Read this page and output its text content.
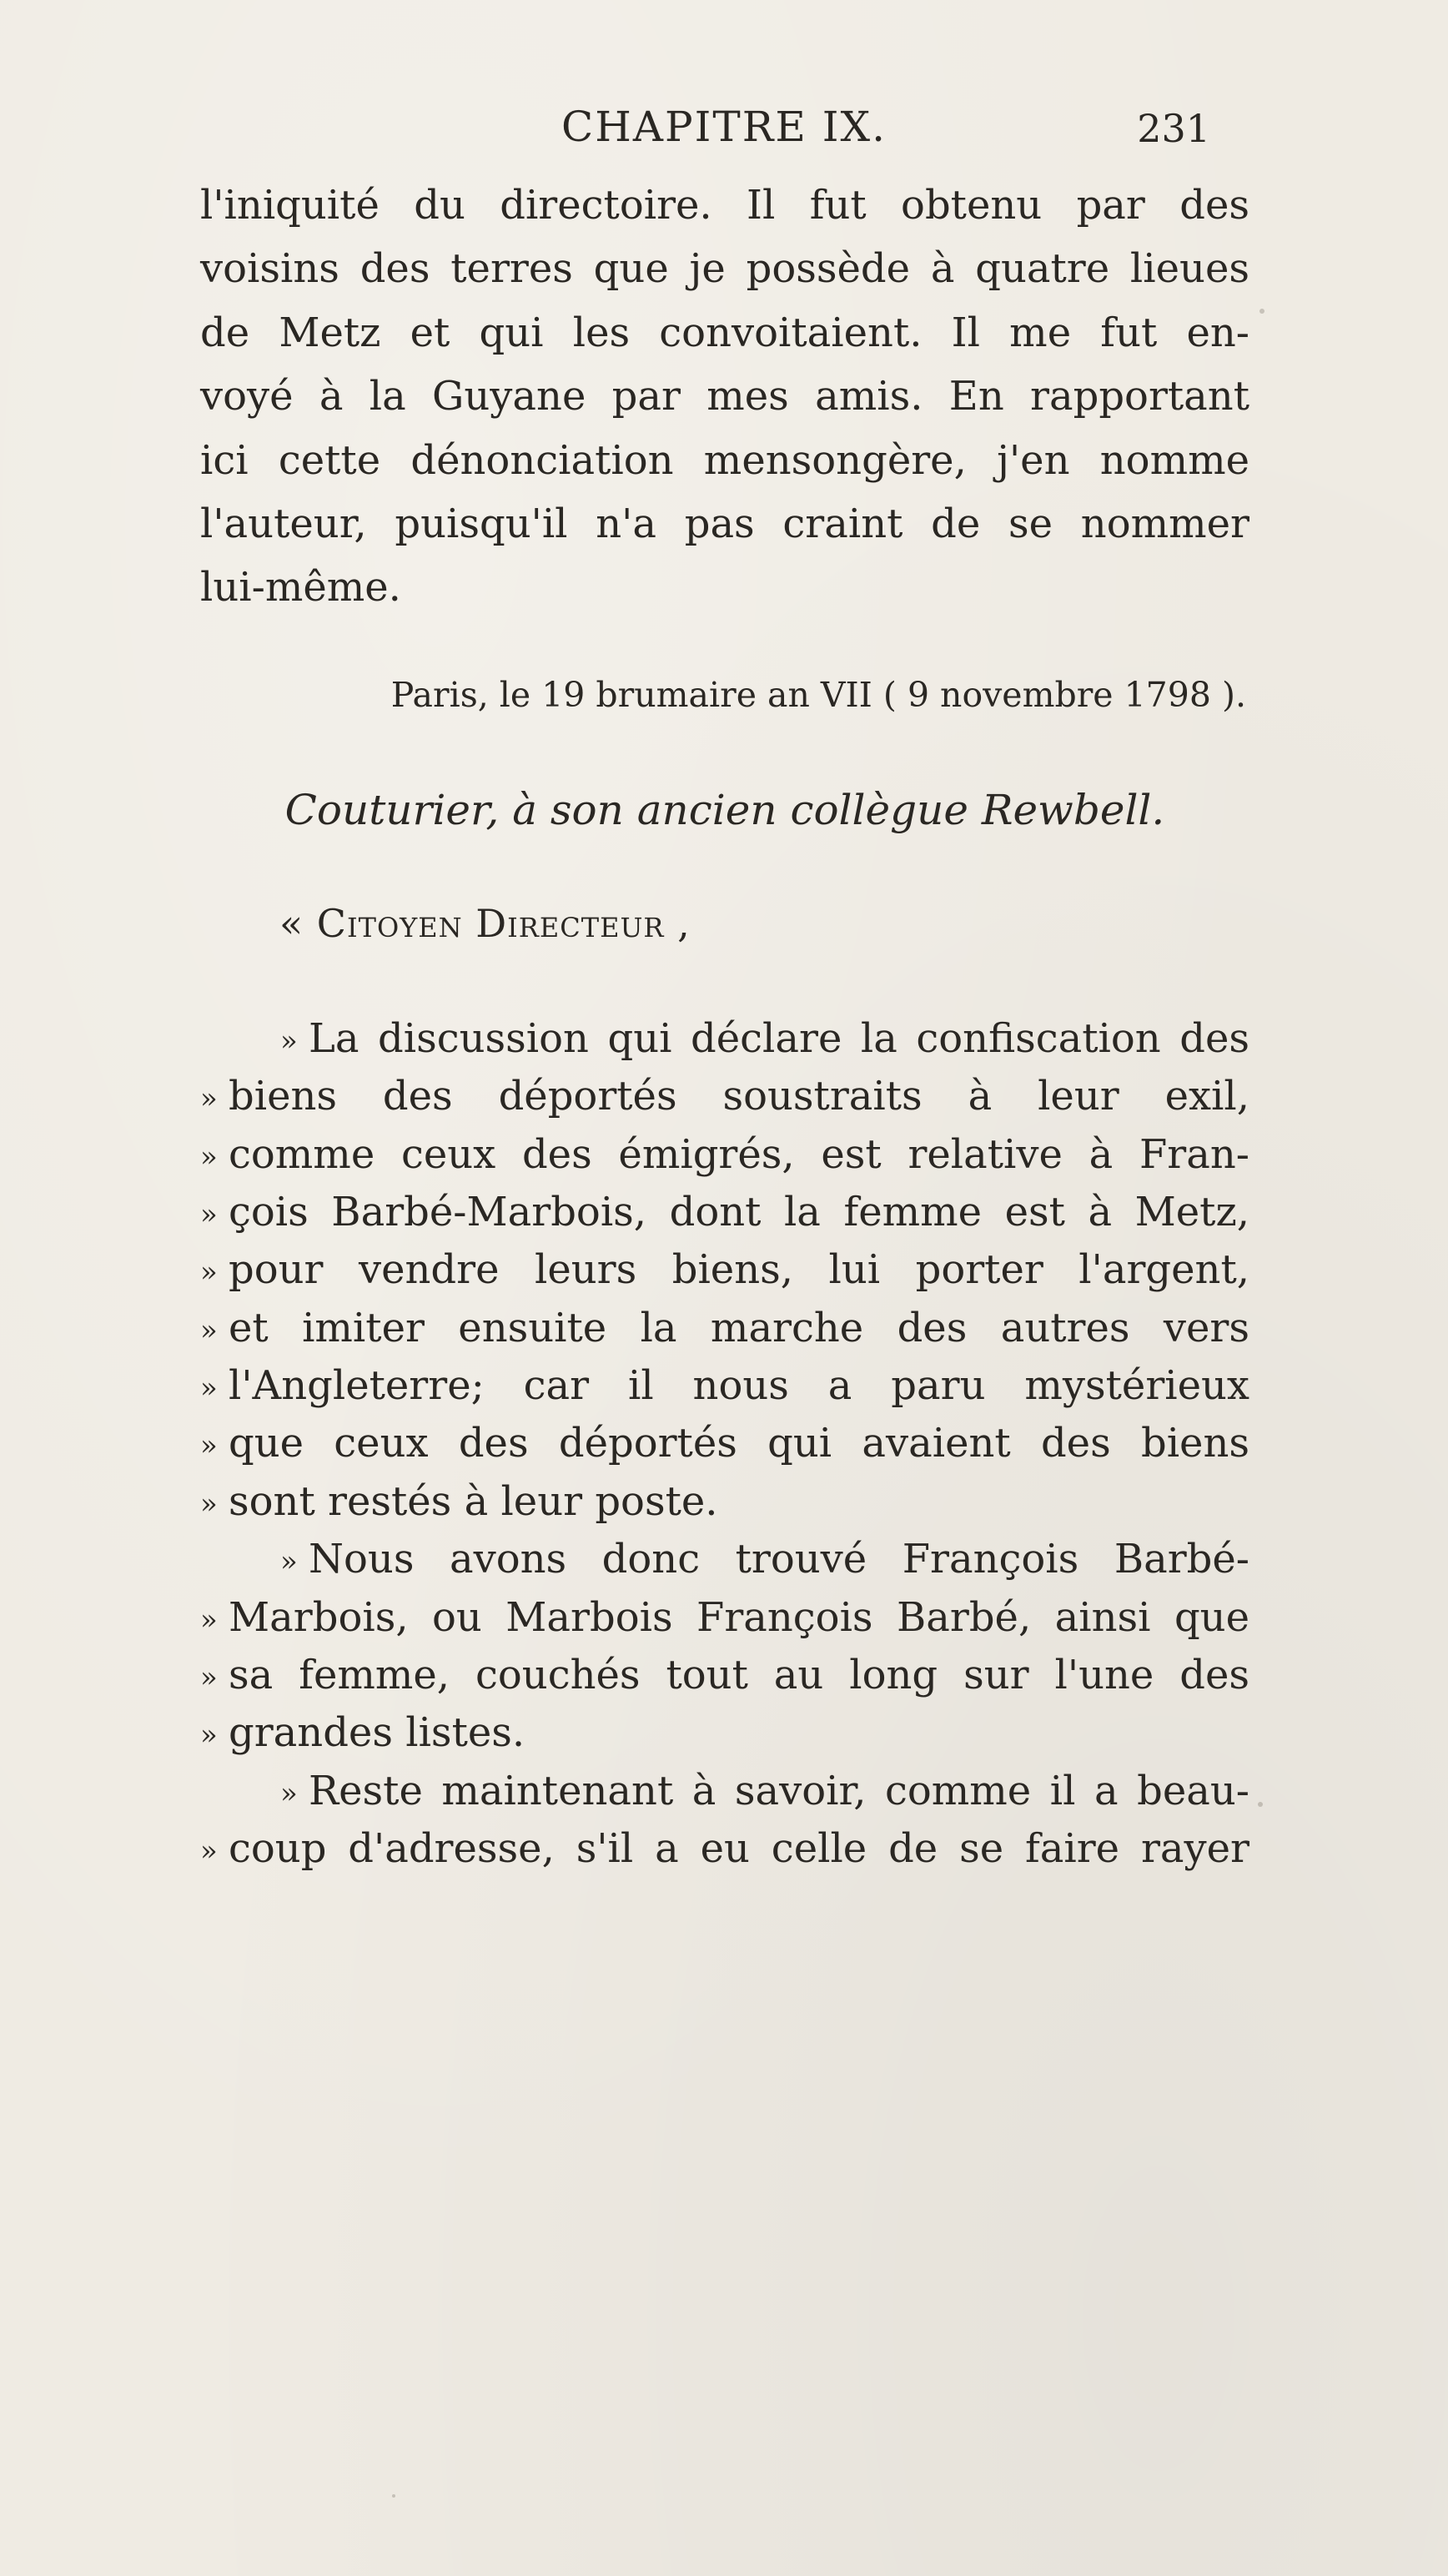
CHAPITRE IX.	231
l'iniquité du directoire. Il fut obtenu par des
voisins des terres que je possède à quatre lieues
de Metz et qui les convoitaient. Il me fut en-
voyé à la Guyane par mes amis. En rapportant
ici cette dénonciation mensongère, j'en nomme
l'auteur, puisqu'il n'a pas craint de se nommer
lui-même.
Paris, le 19 brumaire an VII ( 9 novembre 1798 ).
Couturier, à son ancien collègue Rewbell.
« Citoyen Directeur ,
» La discussion qui déclare la confiscation des
» biens des déportés soustraits à leur exil,
» comme ceux des émigrés, est relative à Fran-
» çois Barbé-Marbois, dont la femme est à Metz,
» pour vendre leurs biens, lui porter l'argent,
» et imiter ensuite la marche des autres vers
» l'Angleterre; car il nous a paru mystérieux
» que ceux des déportés qui avaient des biens
» sont restés à leur poste.
» Nous avons donc trouvé François Barbé-
» Marbois, ou Marbois François Barbé, ainsi que
» sa femme, couchés tout au long sur l'une des
» grandes listes.
» Reste maintenant à savoir, comme il a beau-
» coup d'adresse, s'il a eu celle de se faire rayer
